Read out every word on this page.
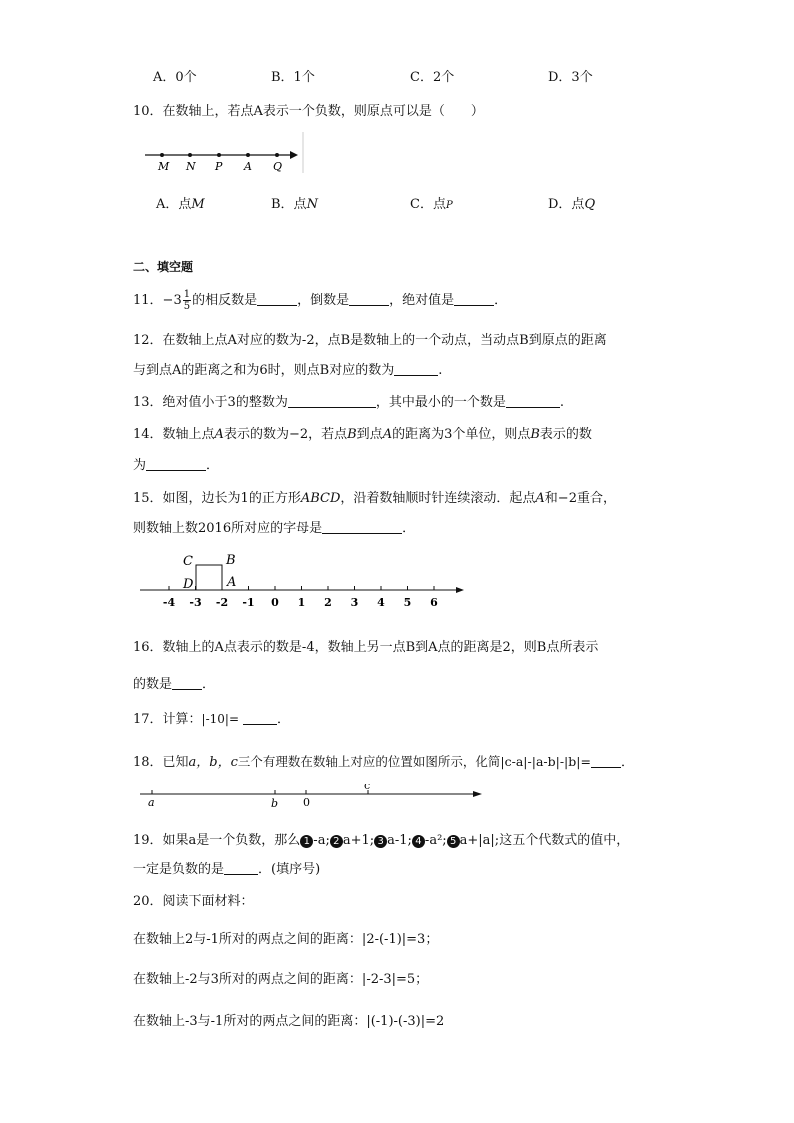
A．0个	B．1个	C．2个	D．3个
10．在数轴上，若点A表示一个负数，则原点可以是（　　）
M N P A Q
A．点M	B．点N	C．点P	D．点Q
二、填空题
11．$-3 \frac{1}{5}$ 的相反数是	，倒数是	，绝对值是	．
12．在数轴上点A对应的数为-2，点B是数轴上的一个动点，当动点B到原点的距离
与到点A的距离之和为6时，则点B对应的数为	.
13．绝对值小于3的整数为	，其中最小的一个数是	.
14．数轴上点A表示的数为−2，若点B到点A的距离为3个单位，则点B表示的数
为	．
15．如图，边长为1的正方形ABCD，沿着数轴顺时针连续滚动．起点A和−2重合，
则数轴上数2016所对应的字母是	．
C	B
D	A
-4 -3 -2 -1 0 1 2 3 4 5 6
16．数轴上的A点表示的数是-4，数轴上另一点B到A点的距离是2，则B点所表示
的数是 ．
17．计算：|-10|=	．
18．已知a，b，c三个有理数在数轴上对应的位置如图所示，化简|c-a|-|a-b|-|b|= ．
a	b 0
c
19．如果a是一个负数，那么 1 -a; 2 a+1; 3 a-1; 4 -a²; 5 a+|a|;这五个代数式的值中，
一定是负数的是	．(填序号)
20．阅读下面材料：
在数轴上2与-1所对的两点之间的距离：|2-(-1)|=3；
在数轴上-2与3所对的两点之间的距离：|-2-3|=5；
在数轴上-3与-1所对的两点之间的距离：|(-1)-(-3)|=2
